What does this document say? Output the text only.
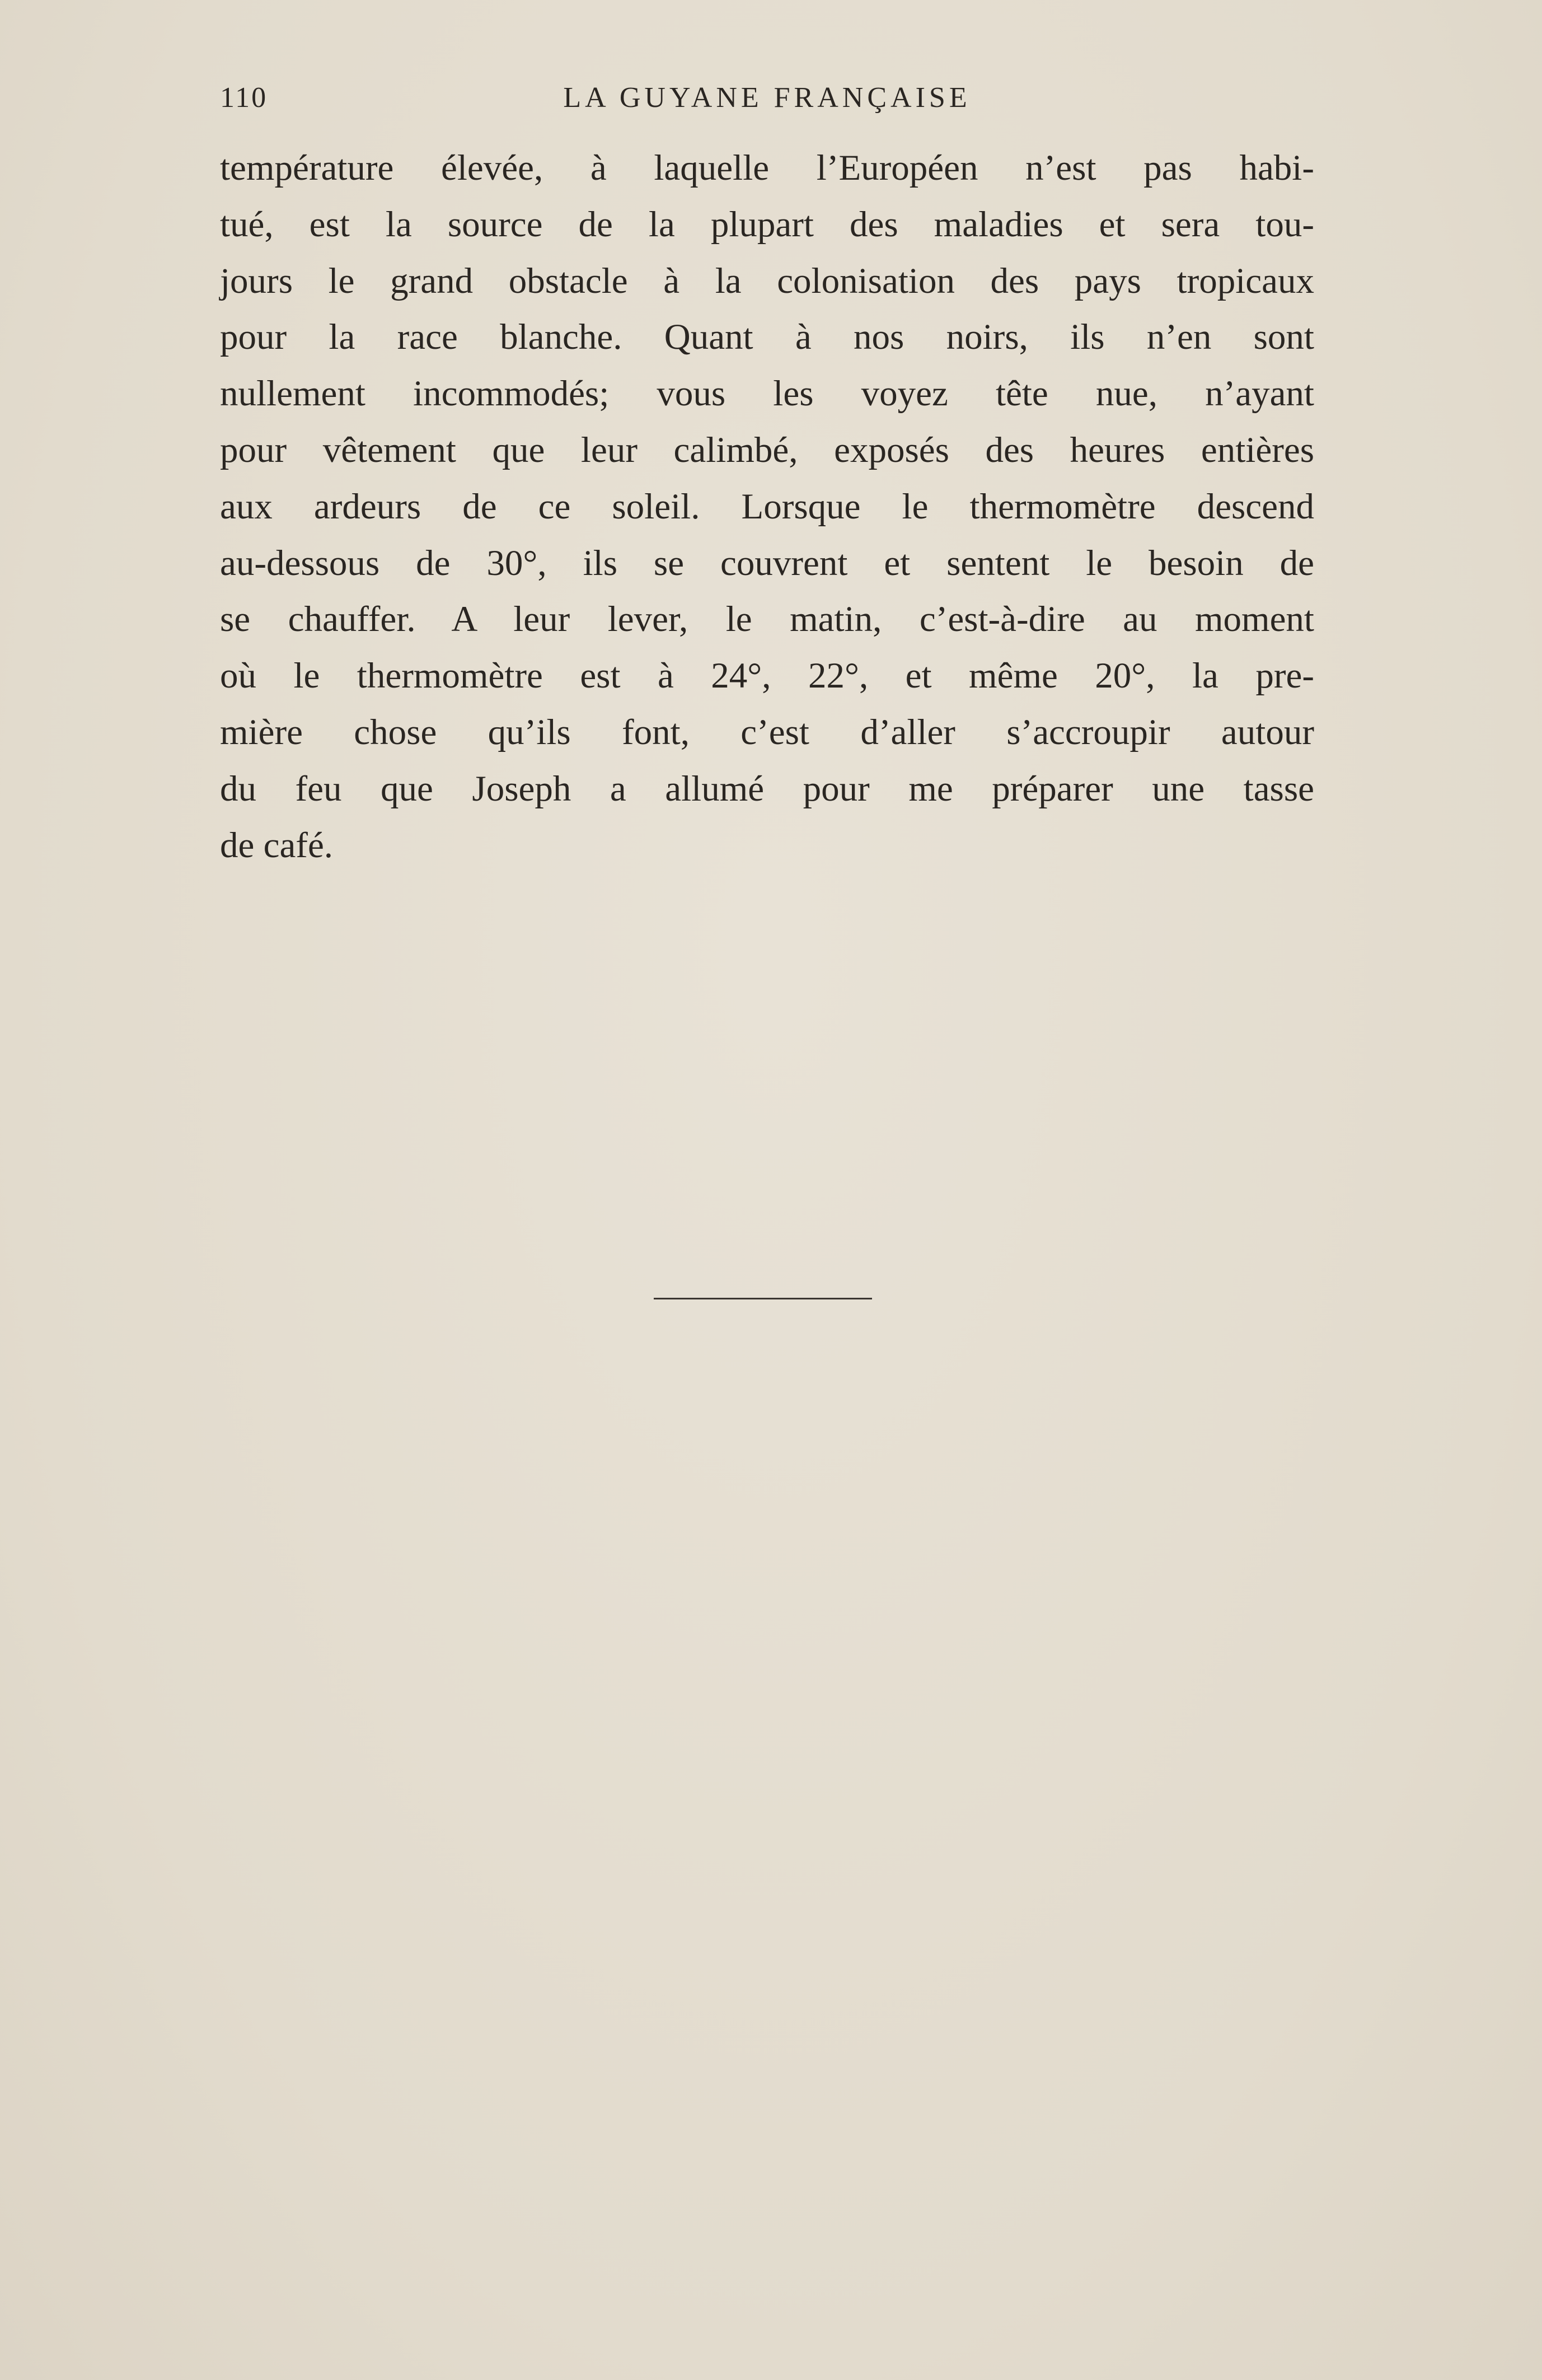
110	LA GUYANE FRANÇAISE
température élevée, à laquelle l’Européen n’est pas habi-
tué, est la source de la plupart des maladies et sera tou-
jours le grand obstacle à la colonisation des pays tropicaux
pour la race blanche. Quant à nos noirs, ils n’en sont
nullement incommodés; vous les voyez tête nue, n’ayant
pour vêtement que leur calimbé, exposés des heures entières
aux ardeurs de ce soleil. Lorsque le thermomètre descend
au-dessous de 30°, ils se couvrent et sentent le besoin de
se chauffer. A leur lever, le matin, c’est-à-dire au moment
où le thermomètre est à 24°, 22°, et même 20°, la pre-
mière chose qu’ils font, c’est d’aller s’accroupir autour
du feu que Joseph a allumé pour me préparer une tasse
de café.
